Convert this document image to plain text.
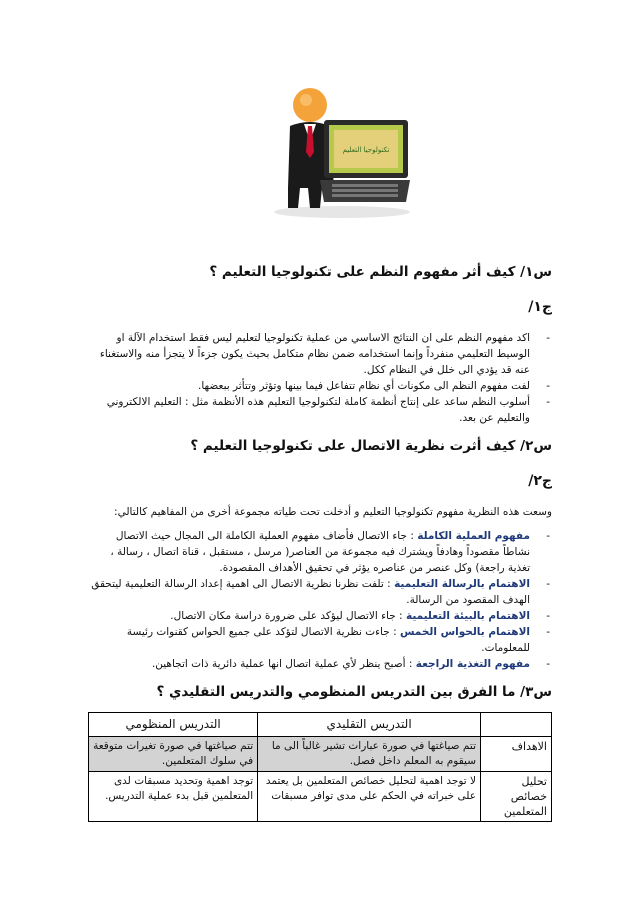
تكنولوجيا التعليم

س١/ كيف أثر مفهوم النظم على تكنولوجيا التعليم ؟

ج١/

-
اكد مفهوم النظم على ان النتائج الاساسي من عملية تكنولوجيا لتعليم ليس فقط استخدام الآلة او الوسيط التعليمي منفرداً وإنما استخدامه ضمن نظام متكامل بحيث يكون جزءاً لا يتجزأ منه والاستغناء عنه قد يؤدي الى خلل في النظام ككل.
-
لفت مفهوم النظم الى مكونات أي نظام تتفاعل فيما بينها وتؤثر وتتأثر ببعضها.
-
أسلوب النظم ساعد على إنتاج أنظمة كاملة لتكنولوجيا التعليم هذه الأنظمة مثل : التعليم الالكتروني والتعليم عن بعد.

س٢/ كيف أثرت نظرية الاتصال على تكنولوجيا التعليم ؟

ج٢/

وسعت هذه النظرية مفهوم تكنولوجيا التعليم و أدخلت تحت طياته مجموعة أخرى من المفاهيم كالتالي:

-
مفهوم العملية الكاملة : جاء الاتصال فأضاف مفهوم العملية الكاملة الى المجال حيث الاتصال نشاطاً مقصوداً وهادفاً ويشترك فيه مجموعة من العناصر( مرسل ، مستقبل ، قناة اتصال ، رسالة ، تغذية راجعة) وكل عنصر من عناصره يؤثر في تحقيق الأهداف المقصودة.
-
الاهتمام بالرسالة التعليمية : تلفت نظرنا نظرية الاتصال الى اهمية إعداد الرسالة التعليمية ليتحقق الهدف المقصود من الرسالة.
-
الاهتمام بالبيئة التعليمية : جاء الاتصال ليؤكد على ضرورة دراسة مكان الاتصال.
-
الاهتمام بالحواس الخمس : جاءت نظرية الاتصال لتؤكد على جميع الحواس كقنوات رئيسة للمعلومات.
-
مفهوم التغذية الراجعة : أصبح ينظر لأي عملية اتصال انها عملية دائرية ذات اتجاهين.

س٣/ ما الفرق بين التدريس المنظومي والتدريس التقليدي ؟

	التدريس التقليدي	التدريس المنظومي
الاهداف	تتم صياغتها في صورة عبارات تشير غالباً الى ما سيقوم به المعلم داخل فصل.	تتم صياغتها في صورة تغيرات متوقعة في سلوك المتعلمين.
تحليل خصائص المتعلمين	لا توجد اهمية لتحليل خصائص المتعلمين بل يعتمد على خبراته في الحكم على مدى توافر مسبقات	توجد اهمية وتحديد مسبقات لدى المتعلمين قبل بدء عملية التدريس.
